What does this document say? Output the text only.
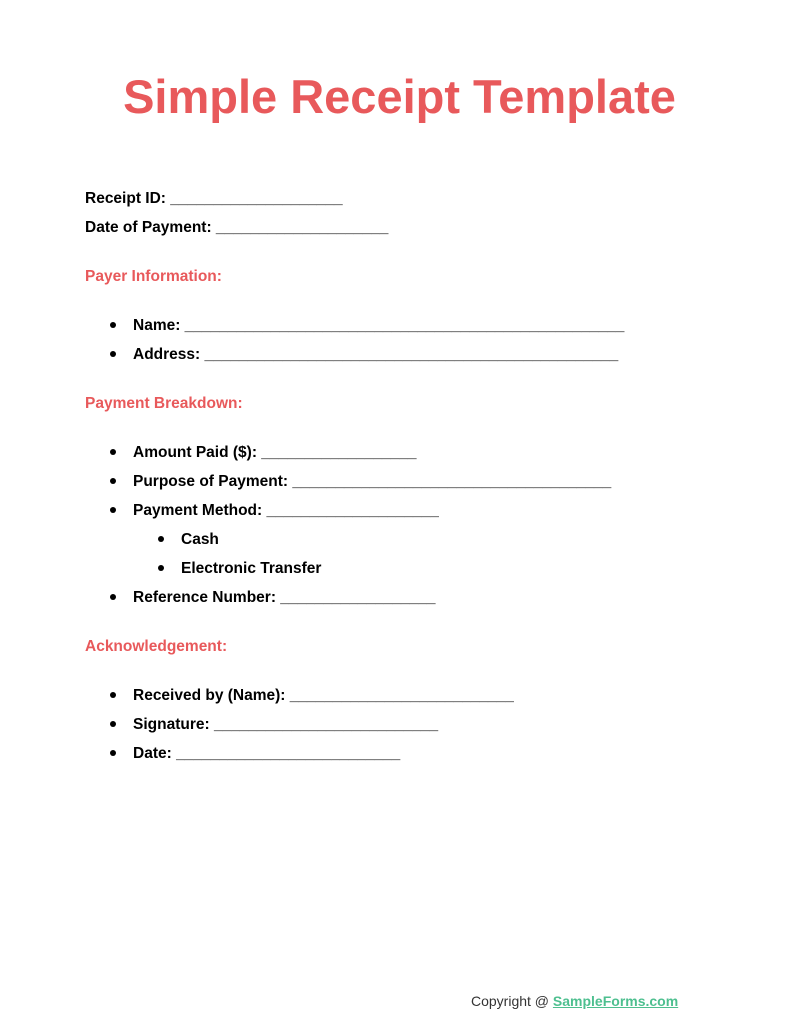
Simple Receipt Template
Receipt ID: ____________________
Date of Payment: ____________________
Payer Information:
Name: ___________________________________________________
Address: ________________________________________________
Payment Breakdown:
Amount Paid ($): __________________
Purpose of Payment: _____________________________________
Payment Method: ____________________
Cash
Electronic Transfer
Reference Number: __________________
Acknowledgement:
Received by (Name): __________________________
Signature: __________________________
Date: __________________________
Copyright @ SampleForms.com
